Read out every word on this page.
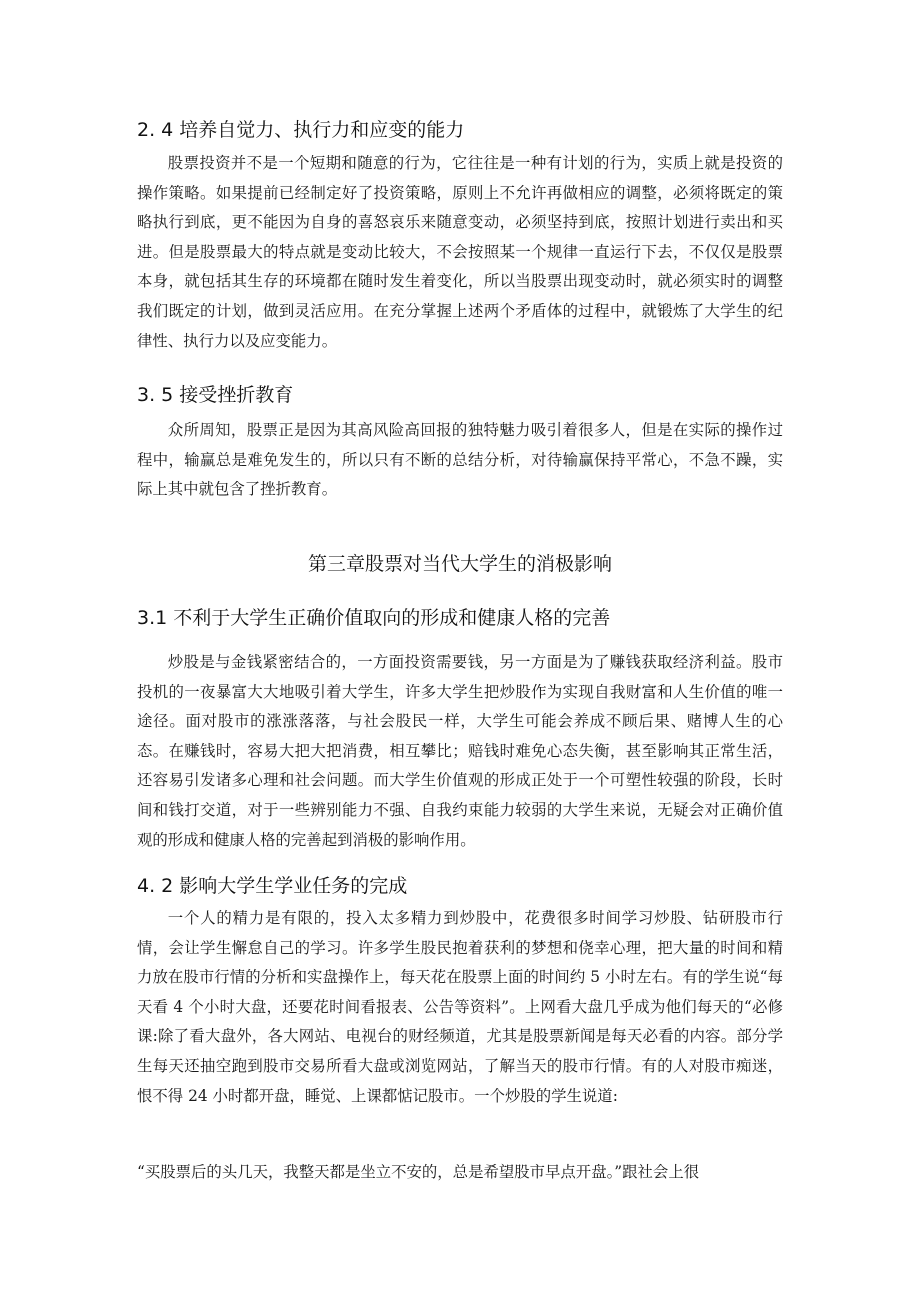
2. 4 培养自觉力、执行力和应变的能力

股票投资并不是一个短期和随意的行为，它往往是一种有计划的行为，实质上就是投资的操作策略。如果提前已经制定好了投资策略，原则上不允许再做相应的调整，必须将既定的策略执行到底，更不能因为自身的喜怒哀乐来随意变动，必须坚持到底，按照计划进行卖出和买进。但是股票最大的特点就是变动比较大，不会按照某一个规律一直运行下去，不仅仅是股票本身，就包括其生存的环境都在随时发生着变化，所以当股票出现变动时，就必须实时的调整我们既定的计划，做到灵活应用。在充分掌握上述两个矛盾体的过程中，就锻炼了大学生的纪律性、执行力以及应变能力。

3. 5 接受挫折教育

众所周知，股票正是因为其高风险高回报的独特魅力吸引着很多人，但是在实际的操作过程中，输赢总是难免发生的，所以只有不断的总结分析，对待输赢保持平常心，不急不躁，实际上其中就包含了挫折教育。

第三章股票对当代大学生的消极影响
3.1 不利于大学生正确价值取向的形成和健康人格的完善

炒股是与金钱紧密结合的，一方面投资需要钱，另一方面是为了赚钱获取经济利益。股市投机的一夜暴富大大地吸引着大学生，许多大学生把炒股作为实现自我财富和人生价值的唯一途径。面对股市的涨涨落落，与社会股民一样，大学生可能会养成不顾后果、赌博人生的心态。在赚钱时，容易大把大把消费，相互攀比；赔钱时难免心态失衡，甚至影响其正常生活，还容易引发诸多心理和社会问题。而大学生价值观的形成正处于一个可塑性较强的阶段，长时间和钱打交道，对于一些辨别能力不强、自我约束能力较弱的大学生来说，无疑会对正确价值观的形成和健康人格的完善起到消极的影响作用。

4. 2 影响大学生学业任务的完成

一个人的精力是有限的，投入太多精力到炒股中，花费很多时间学习炒股、钻研股市行情，会让学生懈怠自己的学习。许多学生股民抱着获利的梦想和侥幸心理，把大量的时间和精力放在股市行情的分析和实盘操作上，每天花在股票上面的时间约 5 小时左右。有的学生说“每天看 4 个小时大盘，还要花时间看报表、公告等资料”。上网看大盘几乎成为他们每天的“必修课:除了看大盘外，各大网站、电视台的财经频道，尤其是股票新闻是每天必看的内容。部分学生每天还抽空跑到股市交易所看大盘或浏览网站，了解当天的股市行情。有的人对股市痴迷，恨不得 24 小时都开盘，睡觉、上课都惦记股市。一个炒股的学生说道:

“买股票后的头几天，我整天都是坐立不安的，总是希望股市早点开盘。”跟社会上很
